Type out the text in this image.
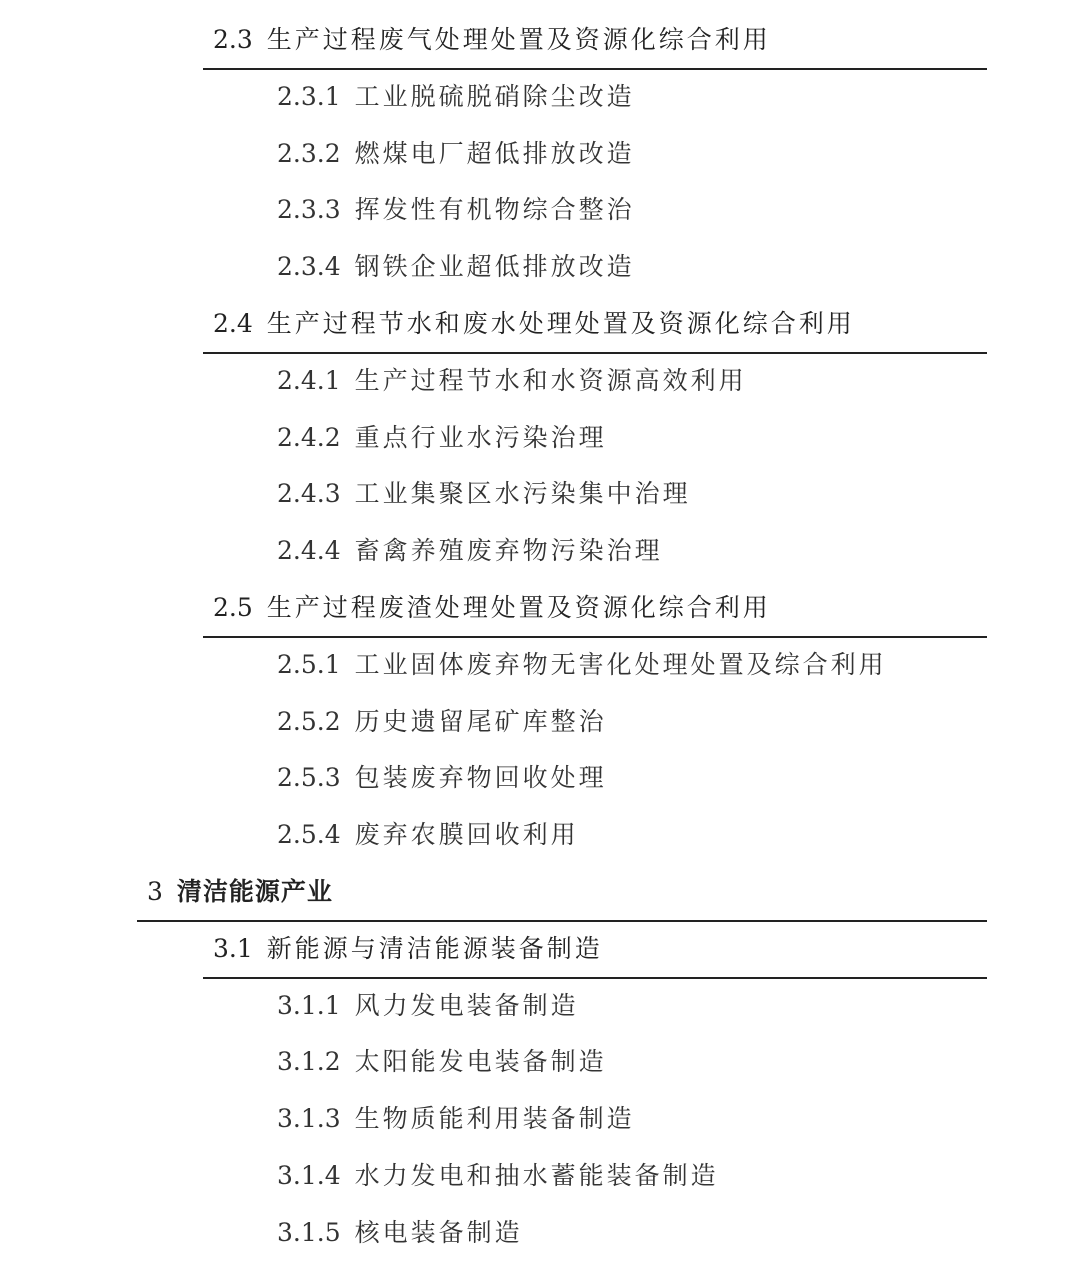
2.3 生产过程废气处理处置及资源化综合利用
2.3.1 工业脱硫脱硝除尘改造
2.3.2 燃煤电厂超低排放改造
2.3.3 挥发性有机物综合整治
2.3.4 钢铁企业超低排放改造
2.4 生产过程节水和废水处理处置及资源化综合利用
2.4.1 生产过程节水和水资源高效利用
2.4.2 重点行业水污染治理
2.4.3 工业集聚区水污染集中治理
2.4.4 畜禽养殖废弃物污染治理
2.5 生产过程废渣处理处置及资源化综合利用
2.5.1 工业固体废弃物无害化处理处置及综合利用
2.5.2 历史遗留尾矿库整治
2.5.3 包装废弃物回收处理
2.5.4 废弃农膜回收利用
3 清洁能源产业
3.1 新能源与清洁能源装备制造
3.1.1 风力发电装备制造
3.1.2 太阳能发电装备制造
3.1.3 生物质能利用装备制造
3.1.4 水力发电和抽水蓄能装备制造
3.1.5 核电装备制造
